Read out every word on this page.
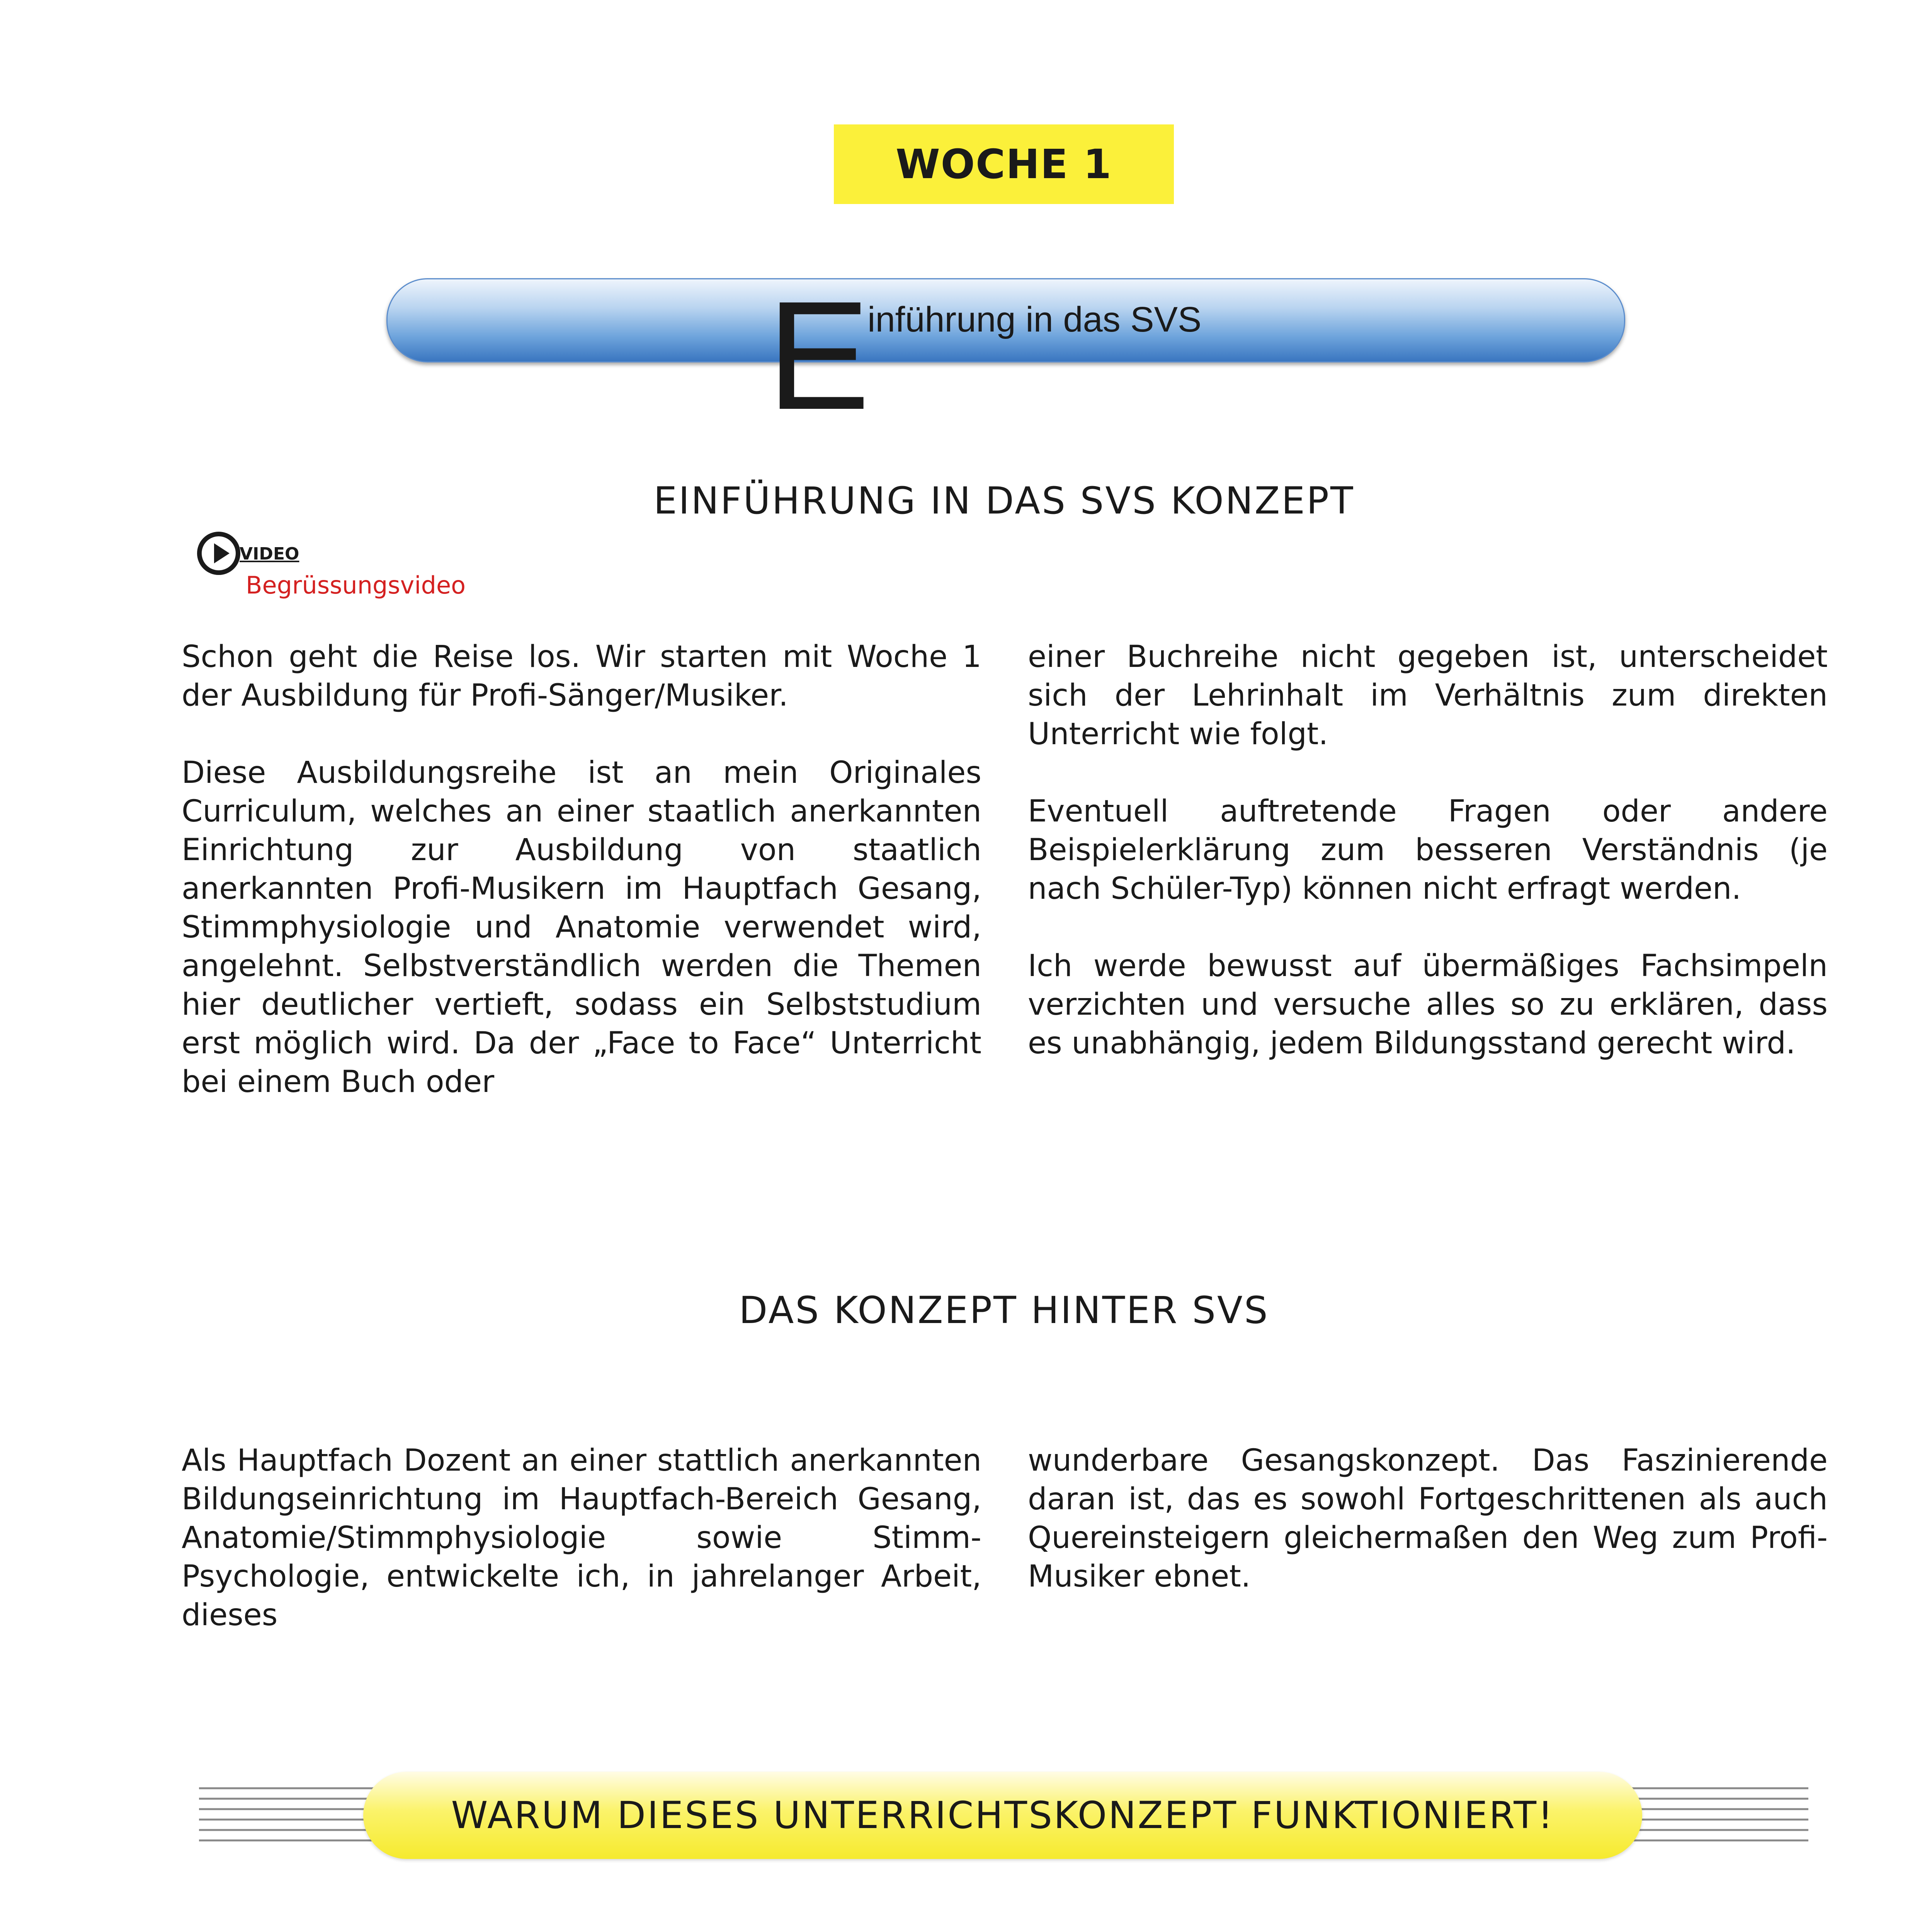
WOCHE 1
E
inführung in das SVS
EINFÜHRUNG IN DAS SVS KONZEPT
VIDEO
Begrüssungsvideo

Schon geht die Reise los. Wir starten mit Woche 1 der Ausbildung für Profi-Sänger/Musiker.

Diese Ausbildungsreihe ist an mein Originales Curriculum, welches an einer staatlich anerkannten Einrichtung zur Ausbildung von staatlich anerkannten Profi-Musikern im Hauptfach Gesang, Stimmphysiologie und Anatomie verwendet wird, angelehnt. Selbstverständlich werden die Themen hier deutlicher vertieft, sodass ein Selbststudium erst möglich wird. Da der „Face to Face“ Unterricht bei einem Buch oder

einer Buchreihe nicht gegeben ist, unterscheidet sich der Lehrinhalt im Verhältnis zum direkten Unterricht wie folgt.

Eventuell auftretende Fragen oder andere Beispielerklärung zum besseren Verständnis (je nach Schüler-Typ) können nicht erfragt werden.

Ich werde bewusst auf übermäßiges Fachsimpeln verzichten und versuche alles so zu erklären, dass es unabhängig, jedem Bildungsstand gerecht wird.

DAS KONZEPT HINTER SVS

Als Hauptfach Dozent an einer stattlich anerkannten Bildungseinrichtung im Hauptfach-Bereich Gesang, Anatomie/Stimmphysiologie sowie Stimm-Psychologie, entwickelte ich, in jahrelanger Arbeit, dieses

wunderbare Gesangskonzept. Das Faszinierende daran ist, das es sowohl Fortgeschrittenen als auch Quereinsteigern gleichermaßen den Weg zum Profi-Musiker ebnet.

WARUM DIESES UNTERRICHTSKONZEPT FUNKTIONIERT!
